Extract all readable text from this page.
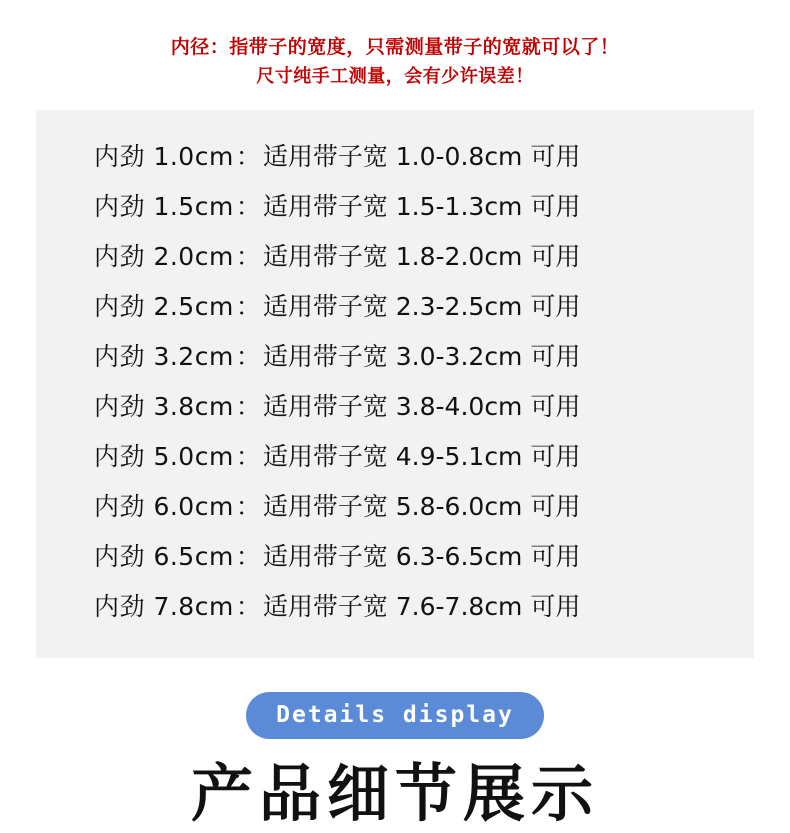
内径：指带子的宽度，只需测量带子的宽就可以了！
尺寸纯手工测量，会有少许误差！
内劲 1.0cm ： 适用带子宽 1.0-0.8cm 可用
内劲 1.5cm ： 适用带子宽 1.5-1.3cm 可用
内劲 2.0cm ： 适用带子宽 1.8-2.0cm 可用
内劲 2.5cm ： 适用带子宽 2.3-2.5cm 可用
内劲 3.2cm ： 适用带子宽 3.0-3.2cm 可用
内劲 3.8cm ： 适用带子宽 3.8-4.0cm 可用
内劲 5.0cm ： 适用带子宽 4.9-5.1cm 可用
内劲 6.0cm ： 适用带子宽 5.8-6.0cm 可用
内劲 6.5cm ： 适用带子宽 6.3-6.5cm 可用
内劲 7.8cm ： 适用带子宽 7.6-7.8cm 可用
Details display
产品细节展示
